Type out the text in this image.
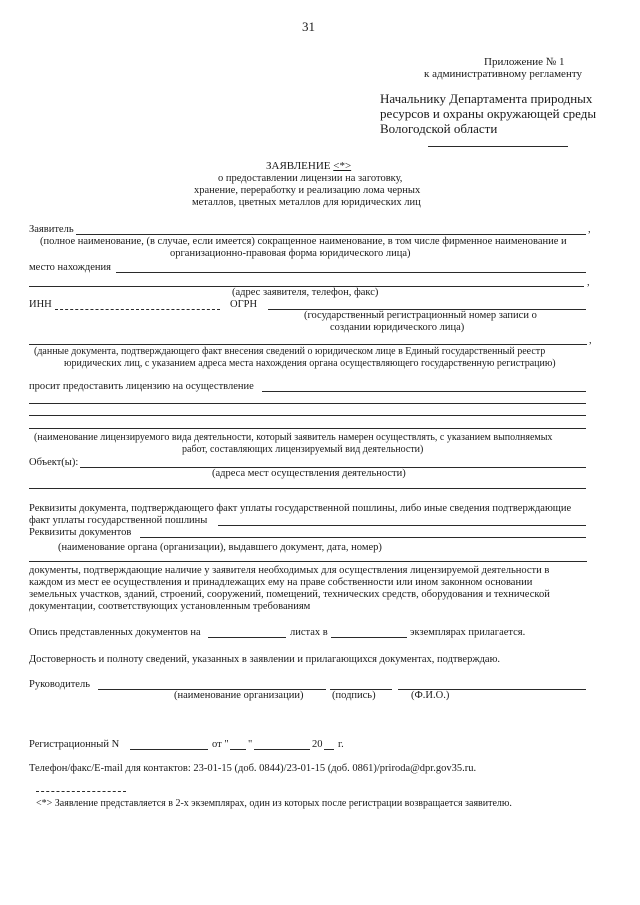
31
Приложение № 1
к административному регламенту
Начальнику Департамента природных
ресурсов и охраны окружающей среды
Вологодской области
ЗАЯВЛЕНИЕ <*>
о предоставлении лицензии на заготовку,
хранение, переработку и реализацию лома черных
металлов, цветных металлов для юридических лиц
Заявитель	,
(полное наименование, (в случае, если имеется) сокращенное наименование, в том числе фирменное наименование и
организационно-правовая форма юридического лица)
место нахождения
,
(адрес заявителя, телефон, факс)
ИНН	ОГРН
(государственный регистрационный номер записи о
создании юридического лица)
,
(данные документа, подтверждающего факт внесения сведений о юридическом лице в Единый государственный реестр
юридических лиц, с указанием адреса места нахождения органа осуществляющего государственную регистрацию)
просит предоставить лицензию на осуществление
(наименование лицензируемого вида деятельности, который заявитель намерен осуществлять, с указанием выполняемых
работ, составляющих лицензируемый вид деятельности)
Объект(ы):
(адреса мест осуществления деятельности)
Реквизиты документа, подтверждающего факт уплаты государственной пошлины, либо иные сведения подтверждающие
факт уплаты государственной пошлины
Реквизиты документов
(наименование органа (организации), выдавшего документ, дата, номер)
документы, подтверждающие наличие у заявителя необходимых для осуществления лицензируемой деятельности в
каждом из мест ее осуществления и принадлежащих ему на праве собственности или ином законном основании
земельных участков, зданий, строений, сооружений, помещений, технических средств, оборудования и технической
документации, соответствующих установленным требованиям
Опись представленных документов на	листах в	экземплярах прилагается.
Достоверность и полноту сведений, указанных в заявлении и прилагающихся документах, подтверждаю.
Руководитель
(наименование организации)	(подпись)	(Ф.И.О.)
Регистрационный N	от " "	20 г.
Телефон/факс/E-mail для контактов: 23-01-15 (доб. 0844)/23-01-15 (доб. 0861)/priroda@dpr.gov35.ru.
<*> Заявление представляется в 2-х экземплярах, один из которых после регистрации возвращается заявителю.
